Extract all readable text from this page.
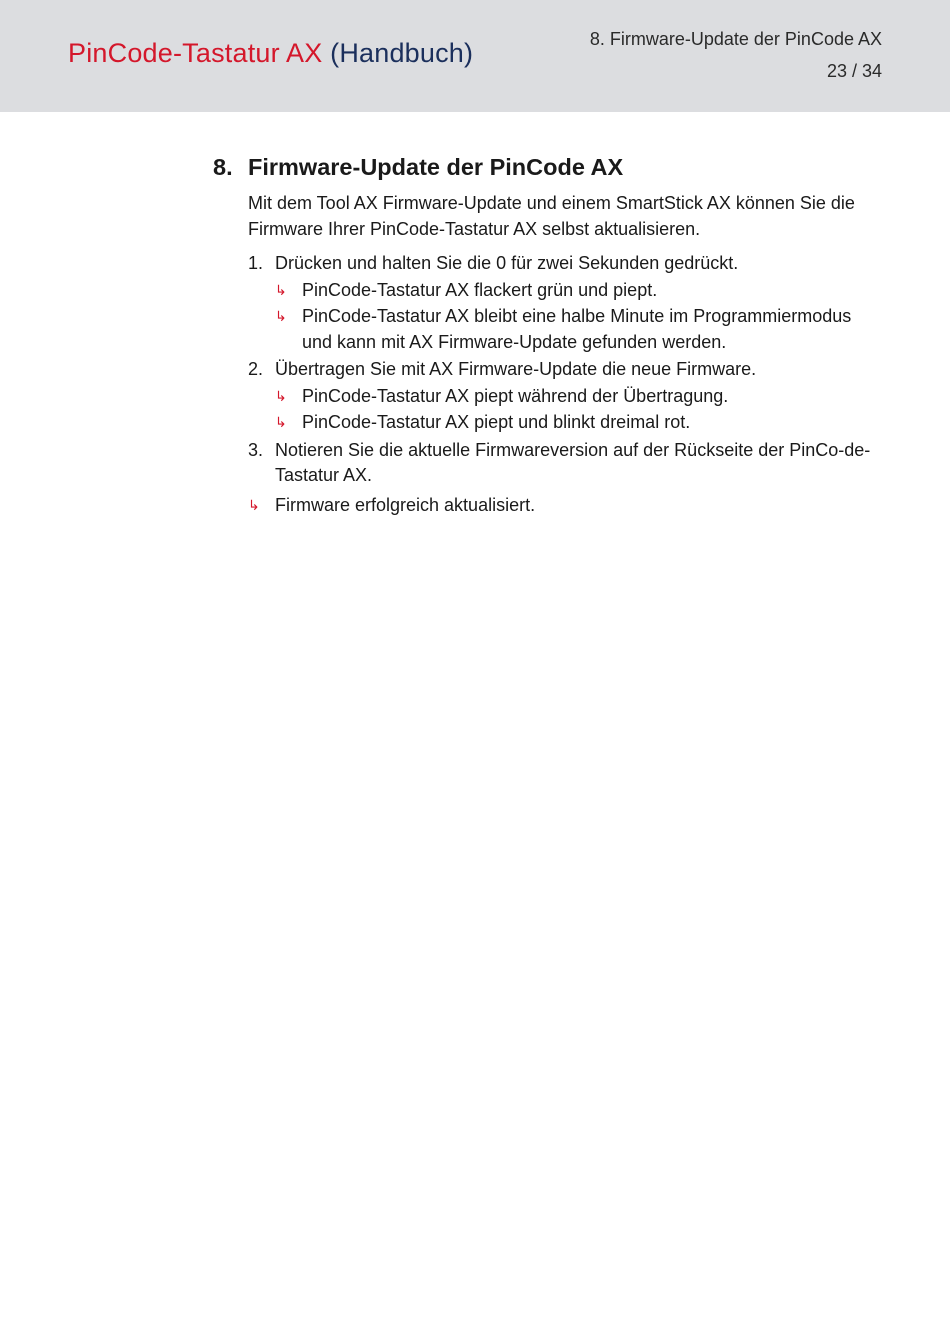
PinCode-Tastatur AX (Handbuch)	8. Firmware-Update der PinCode AX
23 / 34
8. Firmware-Update der PinCode AX

Mit dem Tool AX Firmware-Update und einem SmartStick AX können Sie die Firmware Ihrer PinCode-Tastatur AX selbst aktualisieren.

1. Drücken und halten Sie die 0 für zwei Sekunden gedrückt.
↳ PinCode-Tastatur AX flackert grün und piept.
↳ PinCode-Tastatur AX bleibt eine halbe Minute im Programmiermodus und kann mit AX Firmware-Update gefunden werden.
2. Übertragen Sie mit AX Firmware-Update die neue Firmware.
↳ PinCode-Tastatur AX piept während der Übertragung.
↳ PinCode-Tastatur AX piept und blinkt dreimal rot.
3. Notieren Sie die aktuelle Firmwareversion auf der Rückseite der PinCo-de-Tastatur AX.
↳ Firmware erfolgreich aktualisiert.
